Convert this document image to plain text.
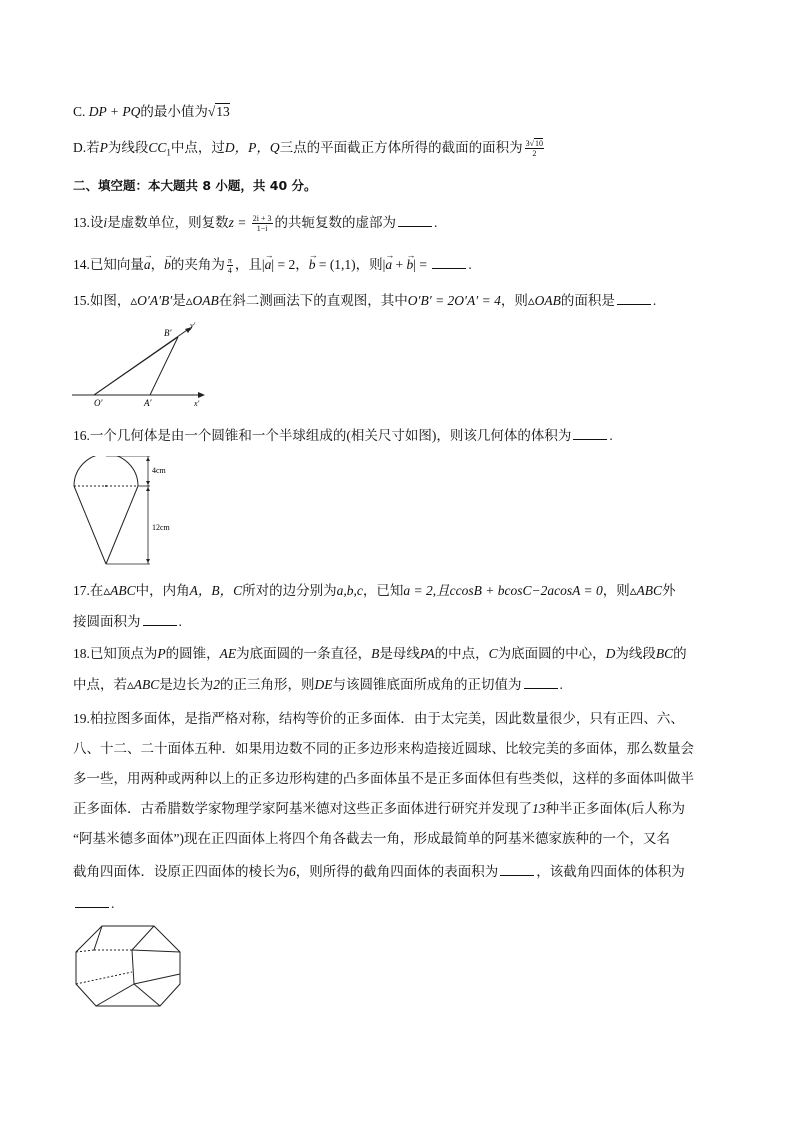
C. DP + PQ的最小值为√13
D.若P为线段$CC_1$中点，过D，P，Q三点的平面截正方体所得的截面的面积为 $\frac{3√10}{2}$
二、填空题：本大题共 8 小题，共 40 分。
13.设i是虚数单位，则复数$z = \frac{2i + 3}{1-i}$ 的共轭复数的虚部为	.
14.已知向量→ a，→ b的夹角为 $\frac{\pi}{4}$ ，且|→ a| = 2，→ b = (1,1)，则|→ a + → b| =	.
15.如图，▵O′A′B′是▵OAB在斜二测画法下的直观图，其中O′B′ = 2O′A′ = 4，则▵OAB的面积是	.
B′
y′
O′	A′	x′
16.一个几何体是由一个圆锥和一个半球组成的(相关尺寸如图)，则该几何体的体积为	.
4cm
12cm
17.在▵ABC中，内角A，B，C所对的边分别为a,b,c，已知a = 2,且ccosB + bcosC−2acosA = 0，则▵ABC外
接圆面积为	.
18.已知顶点为P的圆锥，AE为底面圆的一条直径，B是母线PA的中点，C为底面圆的中心，D为线段BC的
中点，若▵ABC是边长为2的正三角形，则DE与该圆锥底面所成角的正切值为	.
19.柏拉图多面体，是指严格对称，结构等价的正多面体．由于太完美，因此数量很少，只有正四、六、
八、十二、二十面体五种．如果用边数不同的正多边形来构造接近圆球、比较完美的多面体，那么数量会
多一些，用两种或两种以上的正多边形构建的凸多面体虽不是正多面体但有些类似，这样的多面体叫做半
正多面体．古希腊数学家物理学家阿基米德对这些正多面体进行研究并发现了13种半正多面体(后人称为
“阿基米德多面体”)现在正四面体上将四个角各截去一角，形成最简单的阿基米德家族种的一个，又名
截角四面体．设原正四面体的棱长为6，则所得的截角四面体的表面积为	，该截角四面体的体积为
.
